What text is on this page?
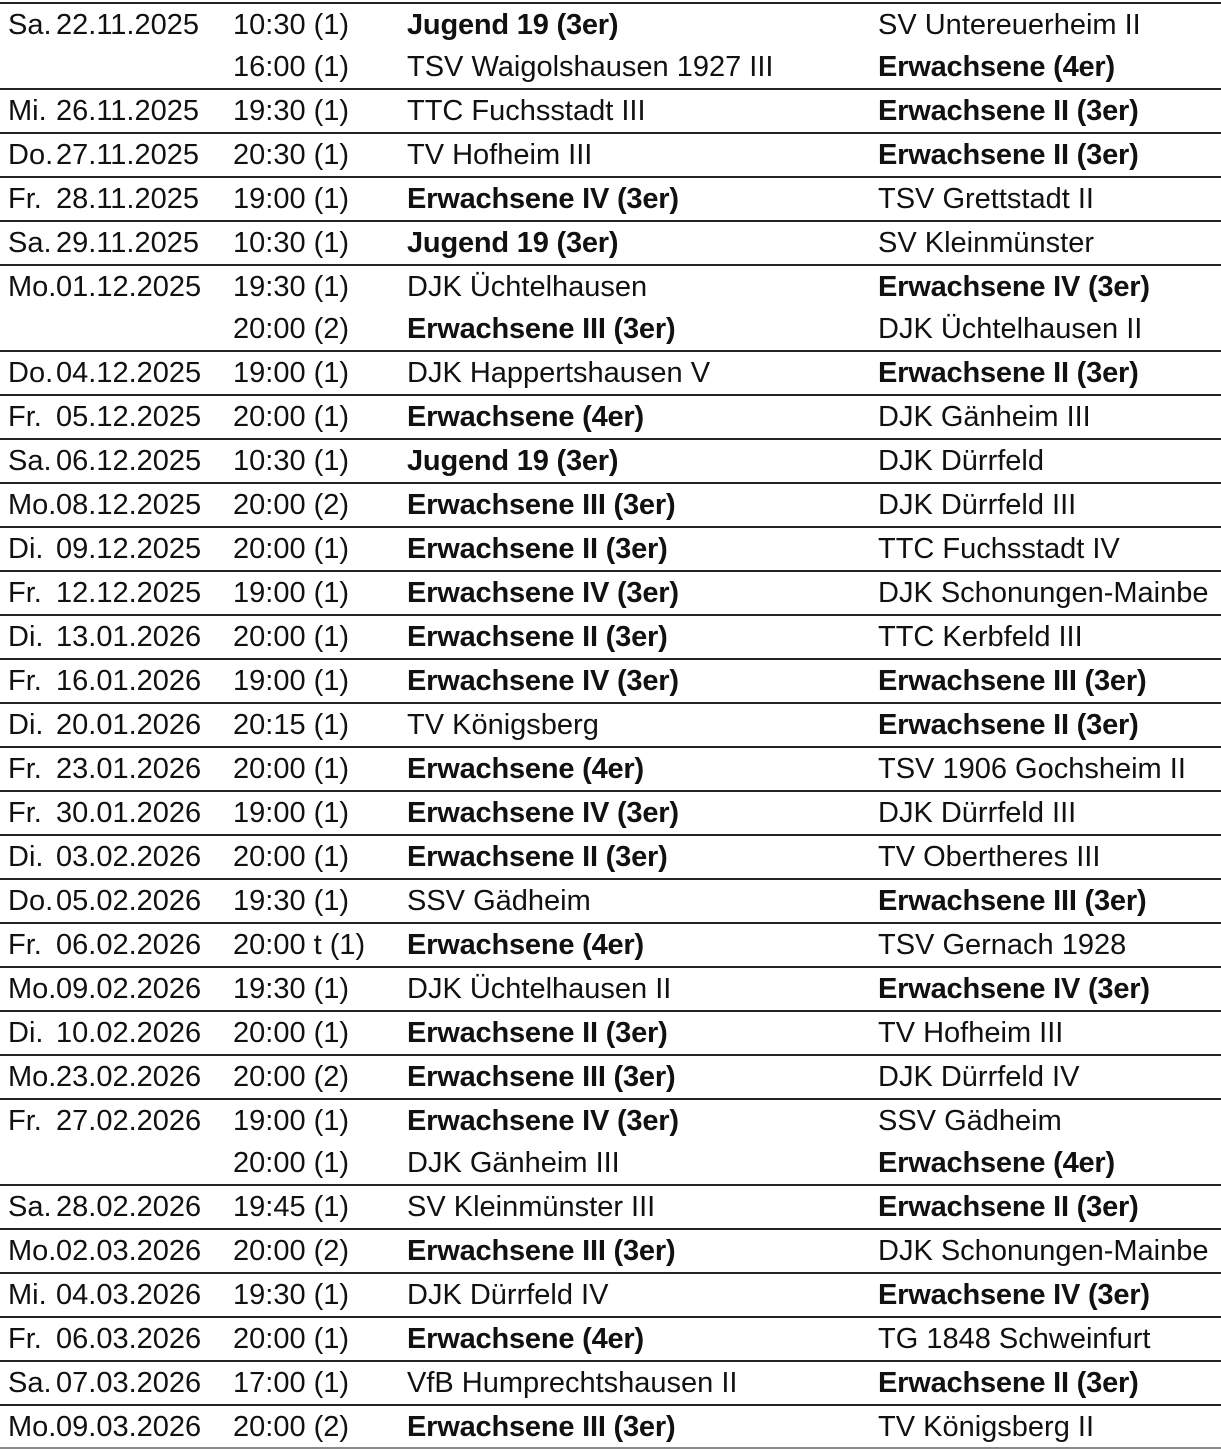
Sa. 22.11.2025 10:30 (1)	Jugend 19 (3er)	SV Untereuerheim II
16:00 (1)	TSV Waigolshausen 1927 III	Erwachsene (4er)
Mi. 26.11.2025 19:30 (1)	TTC Fuchsstadt III	Erwachsene II (3er)
Do. 27.11.2025 20:30 (1)	TV Hofheim III	Erwachsene II (3er)
Fr. 28.11.2025 19:00 (1)	Erwachsene IV (3er)	TSV Grettstadt II
Sa. 29.11.2025 10:30 (1)	Jugend 19 (3er)	SV Kleinmünster
Mo. 01.12.2025 19:30 (1)	DJK Üchtelhausen	Erwachsene IV (3er)
20:00 (2)	Erwachsene III (3er)	DJK Üchtelhausen II
Do. 04.12.2025 19:00 (1)	DJK Happertshausen V	Erwachsene II (3er)
Fr. 05.12.2025 20:00 (1)	Erwachsene (4er)	DJK Gänheim III
Sa. 06.12.2025 10:30 (1)	Jugend 19 (3er)	DJK Dürrfeld
Mo. 08.12.2025 20:00 (2)	Erwachsene III (3er)	DJK Dürrfeld III
Di. 09.12.2025 20:00 (1)	Erwachsene II (3er)	TTC Fuchsstadt IV
Fr. 12.12.2025 19:00 (1)	Erwachsene IV (3er)	DJK Schonungen-Mainbe
Di. 13.01.2026 20:00 (1)	Erwachsene II (3er)	TTC Kerbfeld III
Fr. 16.01.2026 19:00 (1)	Erwachsene IV (3er)	Erwachsene III (3er)
Di. 20.01.2026 20:15 (1)	TV Königsberg	Erwachsene II (3er)
Fr. 23.01.2026 20:00 (1)	Erwachsene (4er)	TSV 1906 Gochsheim II
Fr. 30.01.2026 19:00 (1)	Erwachsene IV (3er)	DJK Dürrfeld III
Di. 03.02.2026 20:00 (1)	Erwachsene II (3er)	TV Obertheres III
Do. 05.02.2026 19:30 (1)	SSV Gädheim	Erwachsene III (3er)
Fr. 06.02.2026 20:00 t (1)	Erwachsene (4er)	TSV Gernach 1928
Mo. 09.02.2026 19:30 (1)	DJK Üchtelhausen II	Erwachsene IV (3er)
Di. 10.02.2026 20:00 (1)	Erwachsene II (3er)	TV Hofheim III
Mo. 23.02.2026 20:00 (2)	Erwachsene III (3er)	DJK Dürrfeld IV
Fr. 27.02.2026 19:00 (1)	Erwachsene IV (3er)	SSV Gädheim
20:00 (1)	DJK Gänheim III	Erwachsene (4er)
Sa. 28.02.2026 19:45 (1)	SV Kleinmünster III	Erwachsene II (3er)
Mo. 02.03.2026 20:00 (2)	Erwachsene III (3er)	DJK Schonungen-Mainbe
Mi. 04.03.2026 19:30 (1)	DJK Dürrfeld IV	Erwachsene IV (3er)
Fr. 06.03.2026 20:00 (1)	Erwachsene (4er)	TG 1848 Schweinfurt
Sa. 07.03.2026 17:00 (1)	VfB Humprechtshausen II	Erwachsene II (3er)
Mo. 09.03.2026 20:00 (2)	Erwachsene III (3er)	TV Königsberg II
